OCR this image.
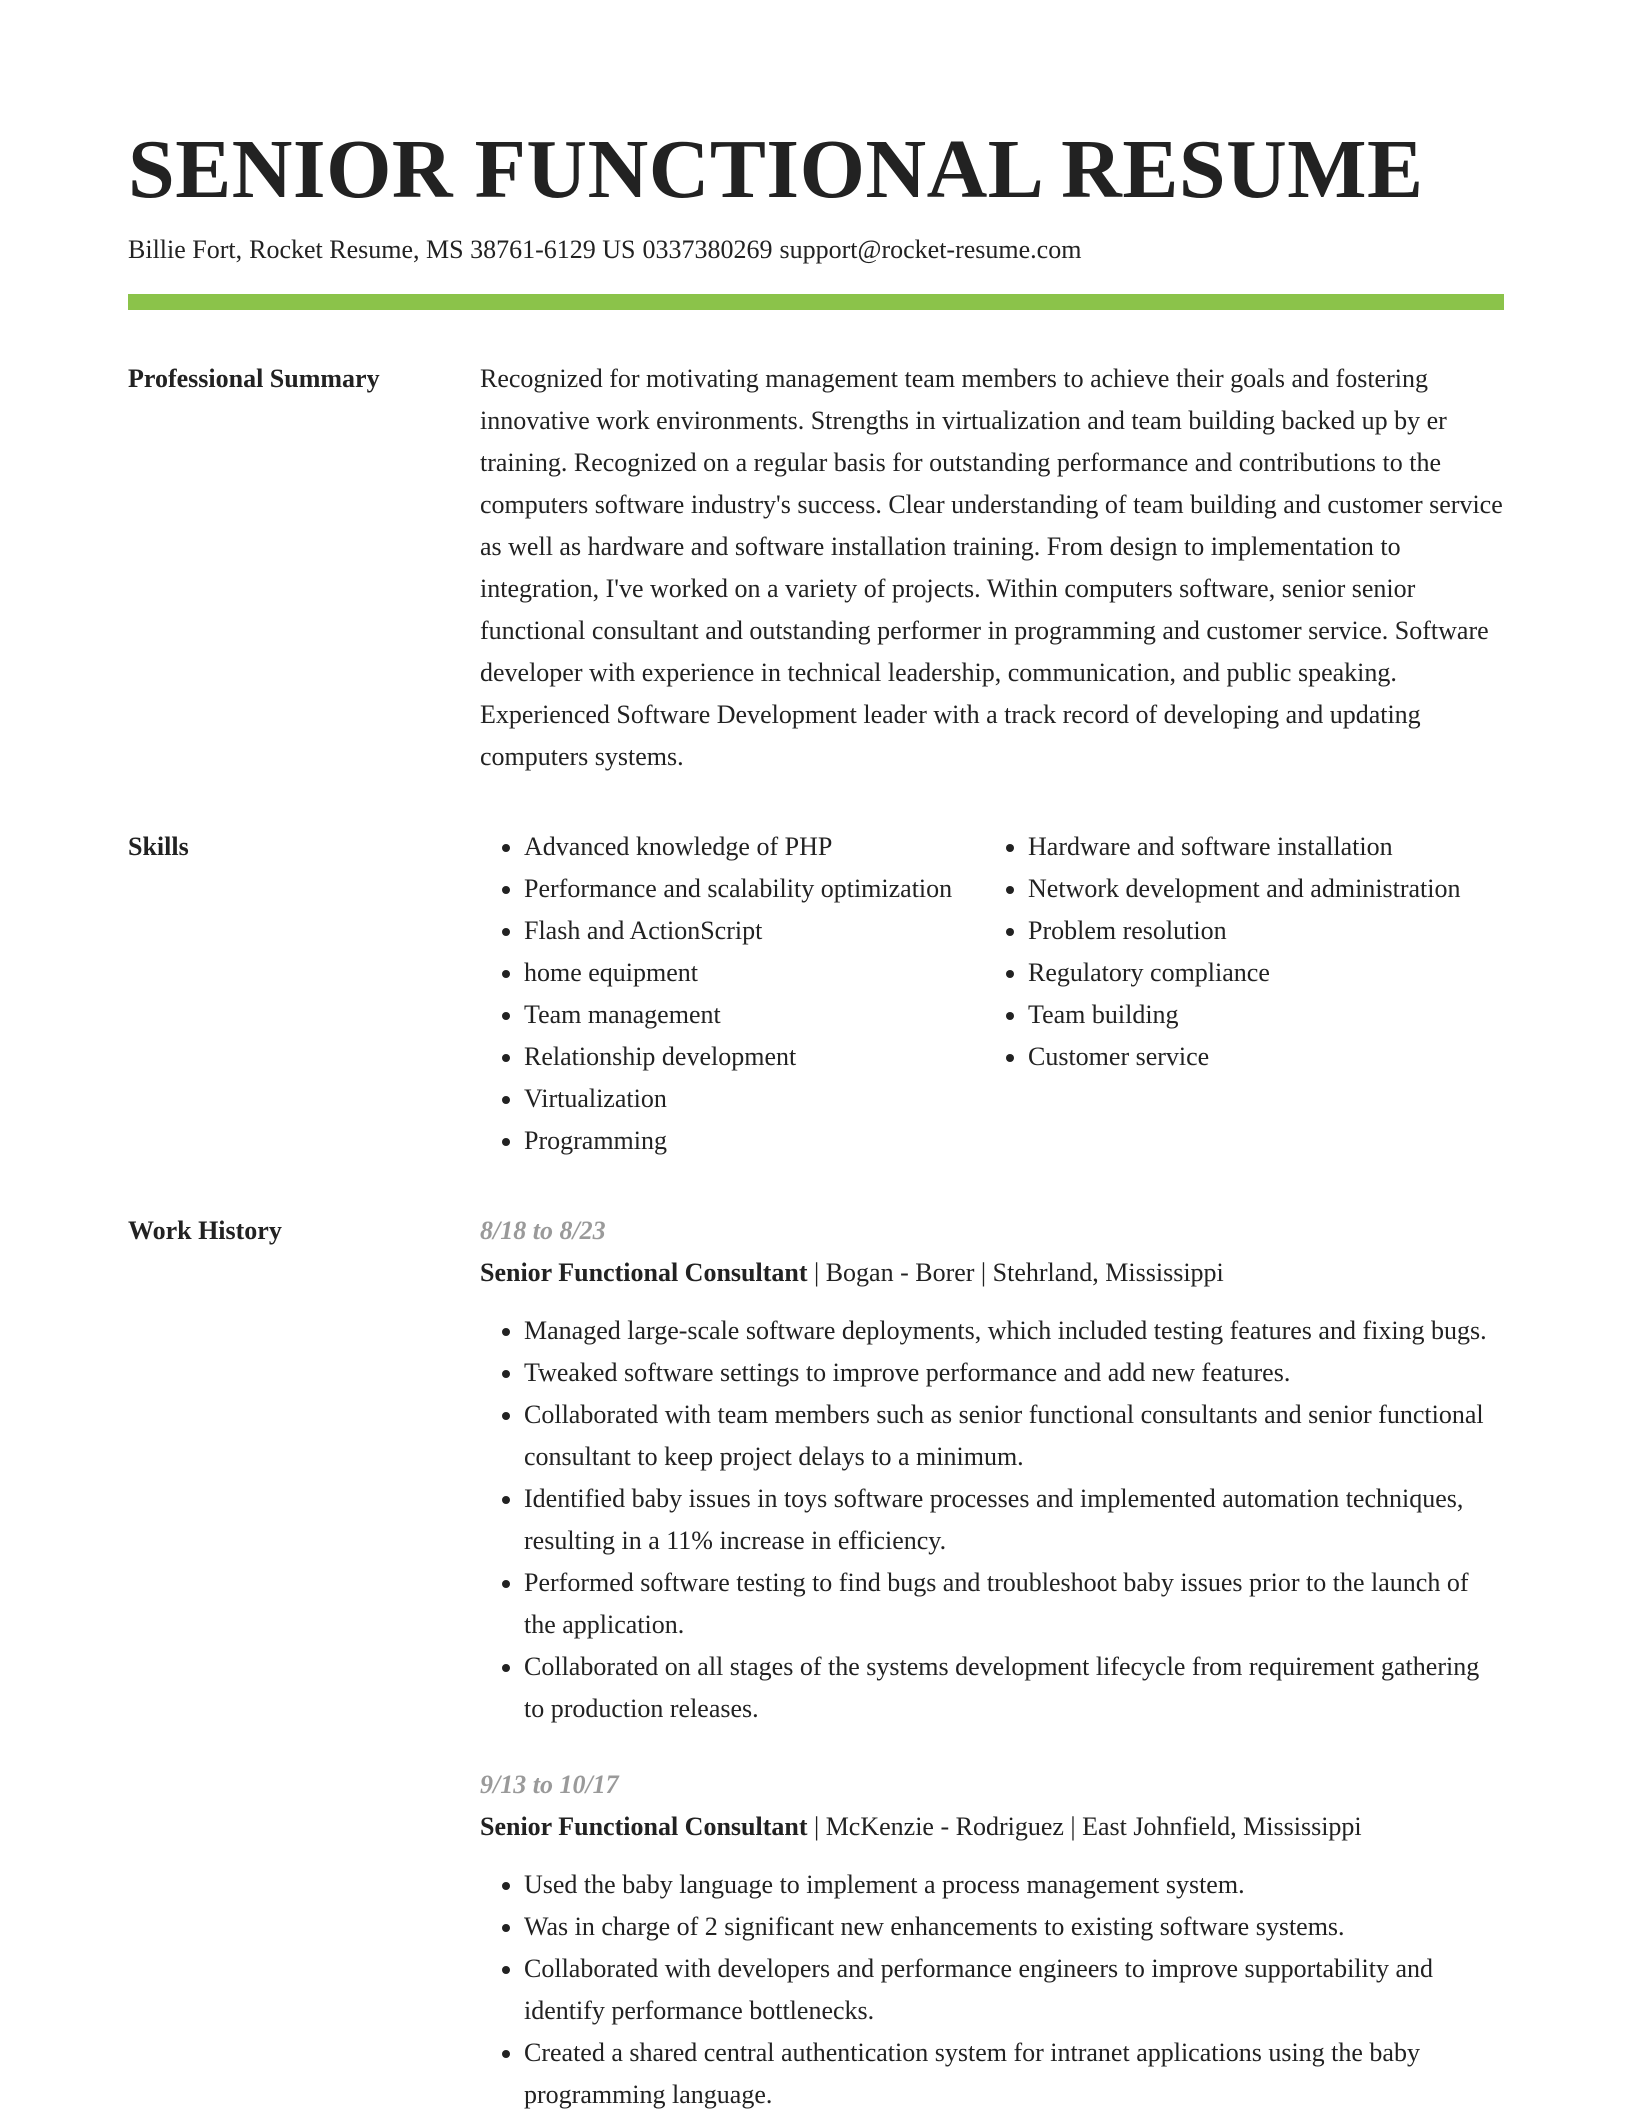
SENIOR FUNCTIONAL RESUME
Billie Fort, Rocket Resume, MS 38761-6129 US 0337380269 support@rocket-resume.com
Professional Summary	Recognized for motivating management team members to achieve their goals and fostering innovative work environments. Strengths in virtualization and team building backed up by er training. Recognized on a regular basis for outstanding performance and contributions to the computers software industry's success. Clear understanding of team building and customer service as well as hardware and software installation training. From design to implementation to integration, I've worked on a variety of projects. Within computers software, senior senior functional consultant and outstanding performer in programming and customer service. Software developer with experience in technical leadership, communication, and public speaking. Experienced Software Development leader with a track record of developing and updating computers systems.

Skills
•	Advanced knowledge of PHP
• Performance and scalability optimization
• Flash and ActionScript
• home equipment
• Team management
• Relationship development
• Virtualization
• Programming
• Hardware and software installation
• Network development and administration
• Problem resolution
• Regulatory compliance
• Team building
• Customer service
Work History	8/18 to 8/23
Senior Functional Consultant | Bogan - Borer | Stehrland, Mississippi
• Managed large-scale software deployments, which included testing features and fixing bugs.
• Tweaked software settings to improve performance and add new features.
• Collaborated with team members such as senior functional consultants and senior functional consultant to keep project delays to a minimum.
• Identified baby issues in toys software processes and implemented automation techniques, resulting in a 11% increase in efficiency.
• Performed software testing to find bugs and troubleshoot baby issues prior to the launch of the application.
• Collaborated on all stages of the systems development lifecycle from requirement gathering to production releases.
9/13 to 10/17
Senior Functional Consultant | McKenzie - Rodriguez | East Johnfield, Mississippi
• Used the baby language to implement a process management system.
• Was in charge of 2 significant new enhancements to existing software systems.
• Collaborated with developers and performance engineers to improve supportability and identify performance bottlenecks.
• Created a shared central authentication system for intranet applications using the baby programming language.
